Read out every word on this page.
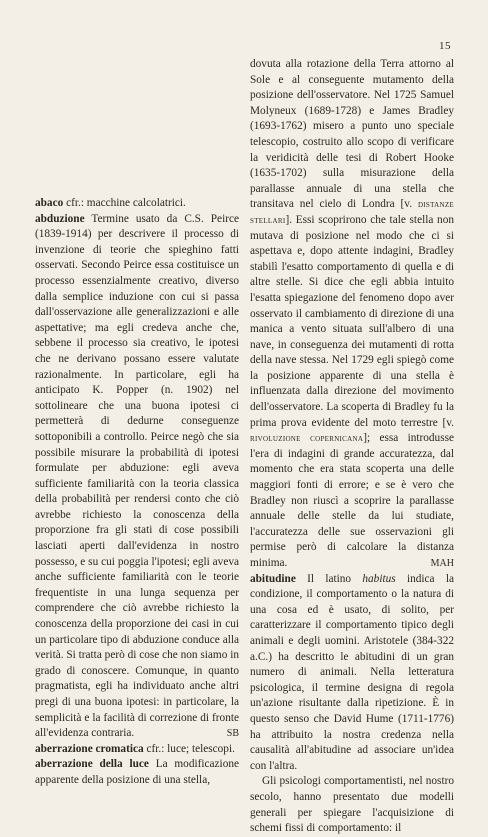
15

abaco cfr.: macchine calcolatrici.

abduzione Termine usato da C.S. Peirce (1839-1914) per descrivere il processo di invenzione di teorie che spieghino fatti osservati. Secondo Peirce essa costituisce un processo essenzialmente creativo, diverso dalla semplice induzione con cui si passa dall'osservazione alle generalizzazioni e alle aspettative; ma egli credeva anche che, sebbene il processo sia creativo, le ipotesi che ne derivano possano essere valutate razionalmente. In particolare, egli ha anticipato K. Popper (n. 1902) nel sottolineare che una buona ipotesi ci permetterà di dedurne conseguenze sottoponibili a controllo. Peirce negò che sia possibile misurare la probabilità di ipotesi formulate per abduzione: egli aveva sufficiente familiarità con la teoria classica della probabilità per rendersi conto che ciò avrebbe richiesto la conoscenza della proporzione fra gli stati di cose possibili lasciati aperti dall'evidenza in nostro possesso, e su cui poggia l'ipotesi; egli aveva anche sufficiente familiarità con le teorie frequentiste in una lunga sequenza per comprendere che ciò avrebbe richiesto la conoscenza della proporzione dei casi in cui un particolare tipo di abduzione conduce alla verità. Si tratta però di cose che non siamo in grado di conoscere. Comunque, in quanto pragmatista, egli ha individuato anche altri pregi di una buona ipotesi: in particolare, la semplicità e la facilità di correzione di fronte all'evidenza contraria.	SB

aberrazione cromatica cfr.: luce; telescopi.

aberrazione della luce La modificazione apparente della posizione di una stella,

dovuta alla rotazione della Terra attorno al Sole e al conseguente mutamento della posizione dell'osservatore. Nel 1725 Samuel Molyneux (1689-1728) e James Bradley (1693-1762) misero a punto uno speciale telescopio, costruito allo scopo di verificare la veridicità delle tesi di Robert Hooke (1635-1702) sulla misurazione della parallasse annuale di una stella che transitava nel cielo di Londra [v. distanze stellari]. Essi scoprirono che tale stella non mutava di posizione nel modo che ci si aspettava e, dopo attente indagini, Bradley stabilì l'esatto comportamento di quella e di altre stelle. Si dice che egli abbia intuito l'esatta spiegazione del fenomeno dopo aver osservato il cambiamento di direzione di una manica a vento situata sull'albero di una nave, in conseguenza dei mutamenti di rotta della nave stessa. Nel 1729 egli spiegò come la posizione apparente di una stella è influenzata dalla direzione del movimento dell'osservatore. La scoperta di Bradley fu la prima prova evidente del moto terrestre [v. rivoluzione copernicana]; essa introdusse l'era di indagini di grande accuratezza, dal momento che era stata scoperta una delle maggiori fonti di errore; e se è vero che Bradley non riuscì a scoprire la parallasse annuale delle stelle da lui studiate, l'accuratezza delle sue osservazioni gli permise però di calcolare la distanza minima.	MAH

abitudine Il latino habitus indica la condizione, il comportamento o la natura di una cosa ed è usato, di solito, per caratterizzare il comportamento tipico degli animali e degli uomini. Aristotele (384-322 a.C.) ha descritto le abitudini di un gran numero di animali. Nella letteratura psicologica, il termine designa di regola un'azione risultante dalla ripetizione. È in questo senso che David Hume (1711-1776) ha attribuito la nostra credenza nella causalità all'abitudine ad associare un'idea con l'altra.

Gli psicologi comportamentisti, nel nostro secolo, hanno presentato due modelli generali per spiegare l'acquisizione di schemi fissi di comportamento: il
